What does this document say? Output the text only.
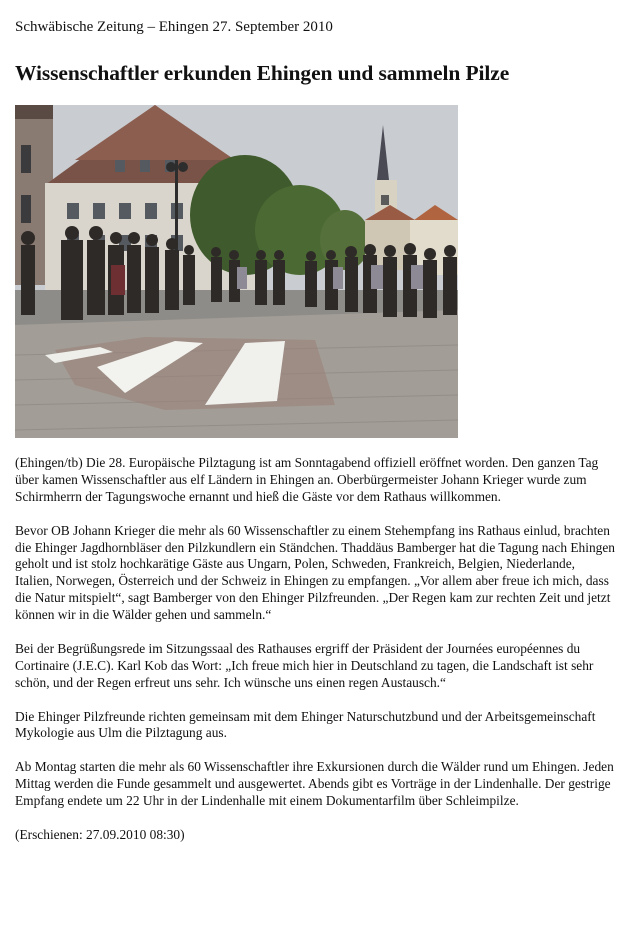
Schwäbische Zeitung – Ehingen 27. September 2010
Wissenschaftler erkunden Ehingen und sammeln Pilze

(Ehingen/tb) Die 28. Europäische Pilztagung ist am Sonntagabend offiziell eröffnet worden. Den ganzen Tag über kamen Wissenschaftler aus elf Ländern in Ehingen an. Oberbürgermeister Johann Krieger wurde zum Schirmherrn der Tagungswoche ernannt und hieß die Gäste vor dem Rathaus willkommen.

Bevor OB Johann Krieger die mehr als 60 Wissenschaftler zu einem Stehempfang ins Rathaus einlud, brachten die Ehinger Jagdhornbläser den Pilzkundlern ein Ständchen. Thaddäus Bamberger hat die Tagung nach Ehingen geholt und ist stolz hochkarätige Gäste aus Ungarn, Polen, Schweden, Frankreich, Belgien, Niederlande, Italien, Norwegen, Österreich und der Schweiz in Ehingen zu empfangen. „Vor allem aber freue ich mich, dass die Natur mitspielt“, sagt Bamberger von den Ehinger Pilzfreunden. „Der Regen kam zur rechten Zeit und jetzt können wir in die Wälder gehen und sammeln.“

Bei der Begrüßungsrede im Sitzungssaal des Rathauses ergriff der Präsident der Journées européennes du Cortinaire (J.E.C). Karl Kob das Wort: „Ich freue mich hier in Deutschland zu tagen, die Landschaft ist sehr schön, und der Regen erfreut uns sehr. Ich wünsche uns einen regen Austausch.“

Die Ehinger Pilzfreunde richten gemeinsam mit dem Ehinger Naturschutzbund und der Arbeitsgemeinschaft Mykologie aus Ulm die Pilztagung aus.

Ab Montag starten die mehr als 60 Wissenschaftler ihre Exkursionen durch die Wälder rund um Ehingen. Jeden Mittag werden die Funde gesammelt und ausgewertet. Abends gibt es Vorträge in der Lindenhalle. Der gestrige Empfang endete um 22 Uhr in der Lindenhalle mit einem Dokumentarfilm über Schleimpilze.

(Erschienen: 27.09.2010 08:30)
